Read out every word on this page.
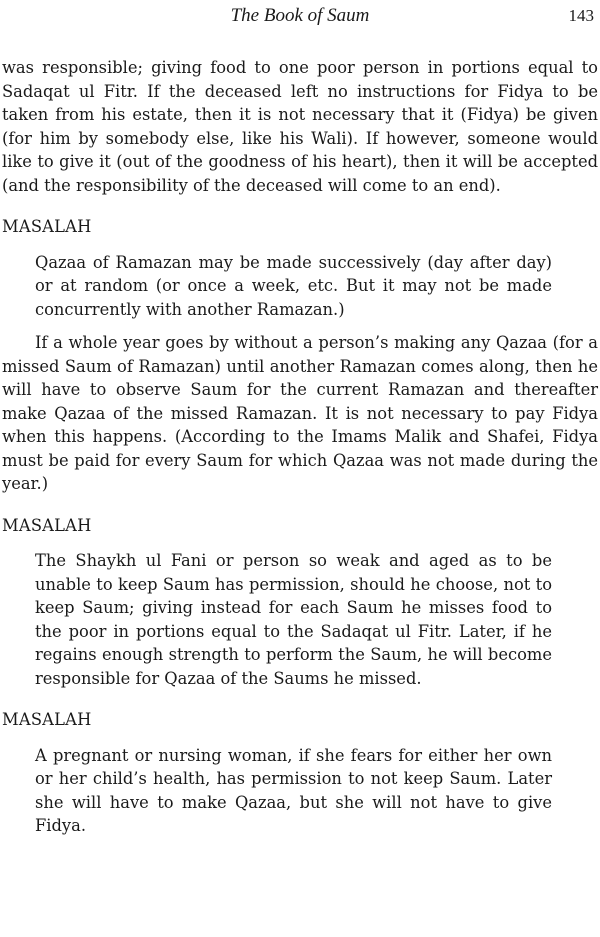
The Book of Saum	143

was responsible; giving food to one poor person in portions equal to Sadaqat ul Fitr. If the deceased left no instructions for Fidya to be taken from his estate, then it is not necessary that it (Fidya) be given (for him by somebody else, like his Wali). If however, someone would like to give it (out of the goodness of his heart), then it will be accepted (and the responsibility of the deceased will come to an end).

MASALAH

Qazaa of Ramazan may be made successively (day after day) or at random (or once a week, etc. But it may not be made concurrently with another Ramazan.)

If a whole year goes by without a person’s making any Qazaa (for a missed Saum of Ramazan) until another Ramazan comes along, then he will have to observe Saum for the current Ramazan and thereafter make Qazaa of the missed Ramazan. It is not necessary to pay Fidya when this happens. (According to the Imams Malik and Shafei, Fidya must be paid for every Saum for which Qazaa was not made during the year.)

MASALAH

The Shaykh ul Fani or person so weak and aged as to be unable to keep Saum has permission, should he choose, not to keep Saum; giving instead for each Saum he misses food to the poor in portions equal to the Sadaqat ul Fitr. Later, if he regains enough strength to perform the Saum, he will become responsible for Qazaa of the Saums he missed.

MASALAH

A pregnant or nursing woman, if she fears for either her own or her child’s health, has permission to not keep Saum. Later she will have to make Qazaa, but she will not have to give Fidya.
